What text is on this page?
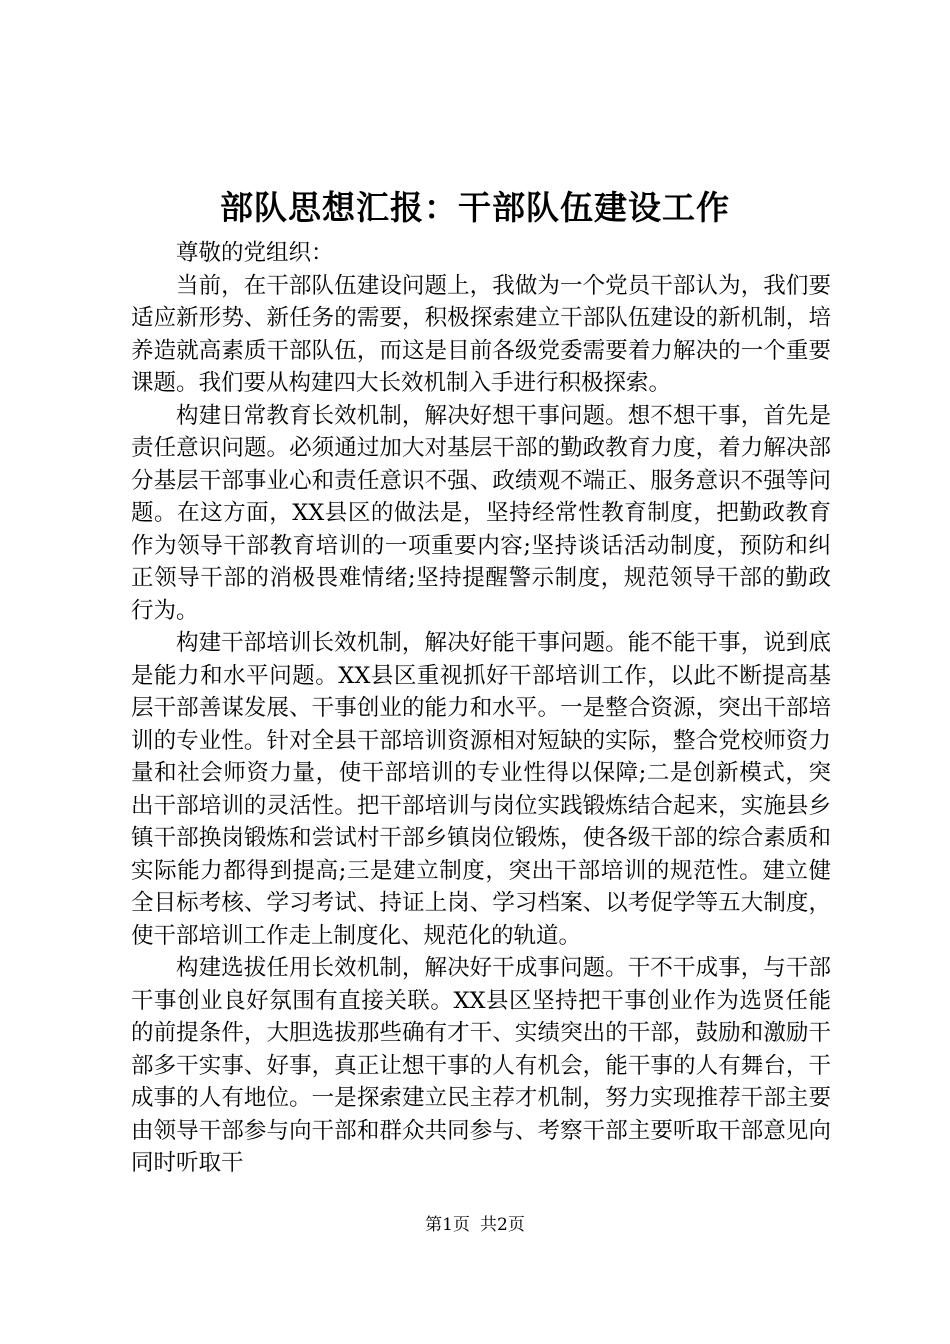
部队思想汇报：干部队伍建设工作

尊敬的党组织：

当前，在干部队伍建设问题上，我做为一个党员干部认为，我们要适应新形势、新任务的需要，积极探索建立干部队伍建设的新机制，培养造就高素质干部队伍，而这是目前各级党委需要着力解决的一个重要课题。我们要从构建四大长效机制入手进行积极探索。

构建日常教育长效机制，解决好想干事问题。想不想干事，首先是责任意识问题。必须通过加大对基层干部的勤政教育力度，着力解决部分基层干部事业心和责任意识不强、政绩观不端正、服务意识不强等问题。在这方面，XX县区的做法是，坚持经常性教育制度，把勤政教育作为领导干部教育培训的一项重要内容;坚持谈话活动制度，预防和纠正领导干部的消极畏难情绪;坚持提醒警示制度，规范领导干部的勤政行为。

构建干部培训长效机制，解决好能干事问题。能不能干事，说到底是能力和水平问题。XX县区重视抓好干部培训工作，以此不断提高基层干部善谋发展、干事创业的能力和水平。一是整合资源，突出干部培训的专业性。针对全县干部培训资源相对短缺的实际，整合党校师资力量和社会师资力量，使干部培训的专业性得以保障;二是创新模式，突出干部培训的灵活性。把干部培训与岗位实践锻炼结合起来，实施县乡镇干部换岗锻炼和尝试村干部乡镇岗位锻炼，使各级干部的综合素质和实际能力都得到提高;三是建立制度，突出干部培训的规范性。建立健全目标考核、学习考试、持证上岗、学习档案、以考促学等五大制度，使干部培训工作走上制度化、规范化的轨道。

构建选拔任用长效机制，解决好干成事问题。干不干成事，与干部干事创业良好氛围有直接关联。XX县区坚持把干事创业作为选贤任能的前提条件，大胆选拔那些确有才干、实绩突出的干部，鼓励和激励干部多干实事、好事，真正让想干事的人有机会，能干事的人有舞台，干成事的人有地位。一是探索建立民主荐才机制，努力实现推荐干部主要由领导干部参与向干部和群众共同参与、考察干部主要听取干部意见向同时听取干

第1页 共2页
